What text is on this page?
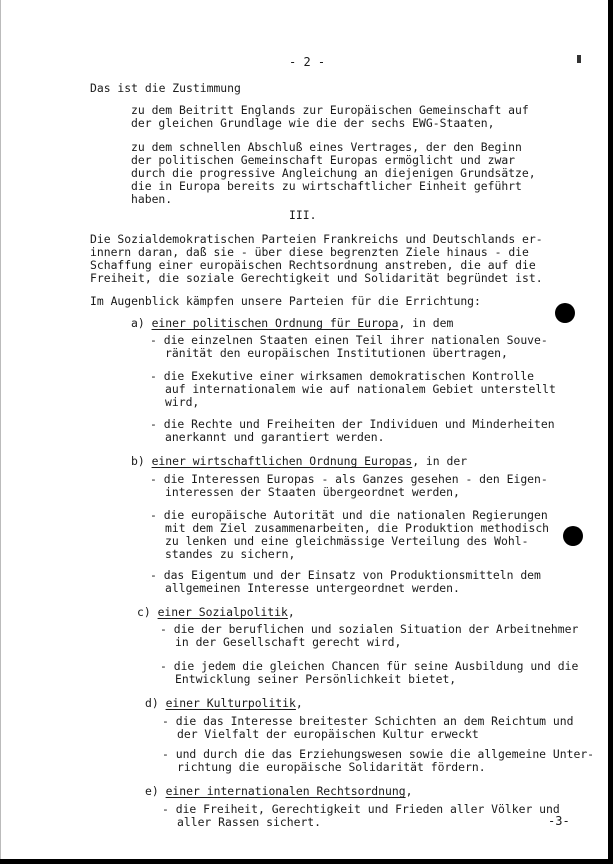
- 2 -
Das ist die Zustimmung
zu dem Beitritt Englands zur Europäischen Gemeinschaft auf
der gleichen Grundlage wie die der sechs EWG-Staaten,
zu dem schnellen Abschluß eines Vertrages, der den Beginn
der politischen Gemeinschaft Europas ermöglicht und zwar
durch die progressive Angleichung an diejenigen Grundsätze,
die in Europa bereits zu wirtschaftlicher Einheit geführt
haben.
III.
Die Sozialdemokratischen Parteien Frankreichs und Deutschlands er-
innern daran, daß sie - über diese begrenzten Ziele hinaus - die
Schaffung einer europäischen Rechtsordnung anstreben, die auf die
Freiheit, die soziale Gerechtigkeit und Solidarität begründet ist.
Im Augenblick kämpfen unsere Parteien für die Errichtung:
a) einer politischen Ordnung für Europa, in dem
- die einzelnen Staaten einen Teil ihrer nationalen Souve-
ränität den europäischen Institutionen übertragen,
- die Exekutive einer wirksamen demokratischen Kontrolle
auf internationalem wie auf nationalem Gebiet unterstellt
wird,
- die Rechte und Freiheiten der Individuen und Minderheiten
anerkannt und garantiert werden.
b) einer wirtschaftlichen Ordnung Europas, in der
- die Interessen Europas - als Ganzes gesehen - den Eigen-
interessen der Staaten übergeordnet werden,
- die europäische Autorität und die nationalen Regierungen
mit dem Ziel zusammenarbeiten, die Produktion methodisch
zu lenken und eine gleichmässige Verteilung des Wohl-
standes zu sichern,
- das Eigentum und der Einsatz von Produktionsmitteln dem
allgemeinen Interesse untergeordnet werden.
c) einer Sozialpolitik,
- die der beruflichen und sozialen Situation der Arbeitnehmer
in der Gesellschaft gerecht wird,
- die jedem die gleichen Chancen für seine Ausbildung und die
Entwicklung seiner Persönlichkeit bietet,
d) einer Kulturpolitik,
- die das Interesse breitester Schichten an dem Reichtum und
der Vielfalt der europäischen Kultur erweckt
- und durch die das Erziehungswesen sowie die allgemeine Unter-
richtung die europäische Solidarität fördern.
e) einer internationalen Rechtsordnung,
- die Freiheit, Gerechtigkeit und Frieden aller Völker und
aller Rassen sichert.	-3-
